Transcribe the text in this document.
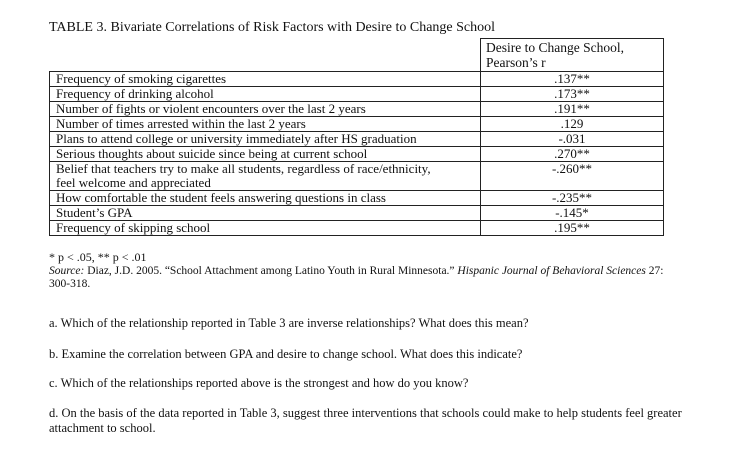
TABLE 3. Bivariate Correlations of Risk Factors with Desire to Change School

	Desire to Change School,
Pearson’s r

Frequency of smoking cigarettes	.137**
Frequency of drinking alcohol	.173**
Number of fights or violent encounters over the last 2 years	.191**
Number of times arrested within the last 2 years	.129
Plans to attend college or university immediately after HS graduation	-.031
Serious thoughts about suicide since being at current school	.270**

Belief that teachers try to make all students, regardless of race/ethnicity,
feel welcome and appreciated	-.260**
How comfortable the student feels answering questions in class	-.235**
Student’s GPA	-.145*
Frequency of skipping school	.195**
* p < .05, ** p < .01
Source: Diaz, J.D. 2005. “School Attachment among Latino Youth in Rural Minnesota.” Hispanic Journal of Behavioral Sciences 27: 300-318.

a. Which of the relationship reported in Table 3 are inverse relationships? What does this mean?

b. Examine the correlation between GPA and desire to change school. What does this indicate?

c. Which of the relationships reported above is the strongest and how do you know?

d. On the basis of the data reported in Table 3, suggest three interventions that schools could make to help students feel greater attachment to school.
